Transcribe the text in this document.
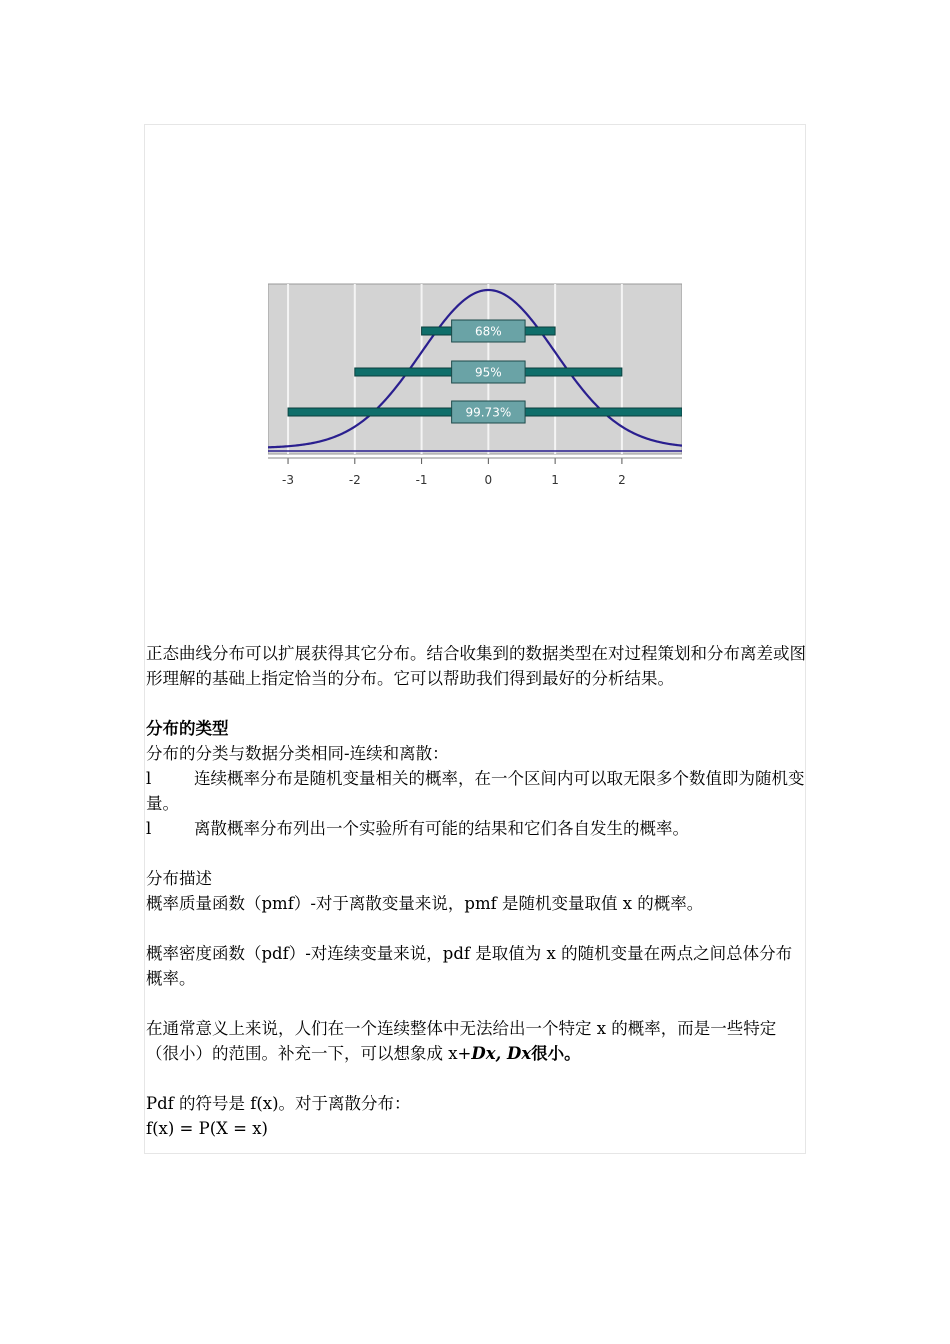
68%
95%
99.73%
-3	-2	-1	0	1	2

正态曲线分布可以扩展获得其它分布。结合收集到的数据类型在对过程策划和分布离差或图形理解的基础上指定恰当的分布。它可以帮助我们得到最好的分析结果。

分布的类型

分布的分类与数据分类相同-连续和离散：

l	连续概率分布是随机变量相关的概率，在一个区间内可以取无限多个数值即为随机变量。

l	离散概率分布列出一个实验所有可能的结果和它们各自发生的概率。

分布描述

概率质量函数（pmf）-对于离散变量来说，pmf 是随机变量取值 x 的概率。

概率密度函数（pdf）-对连续变量来说，pdf 是取值为 x 的随机变量在两点之间总体分布概率。

在通常意义上来说，人们在一个连续整体中无法给出一个特定 x 的概率，而是一些特定（很小）的范围。补充一下，可以想象成 x+Dx, Dx很小。

Pdf 的符号是 f(x)。对于离散分布：

f(x) = P(X = x)
